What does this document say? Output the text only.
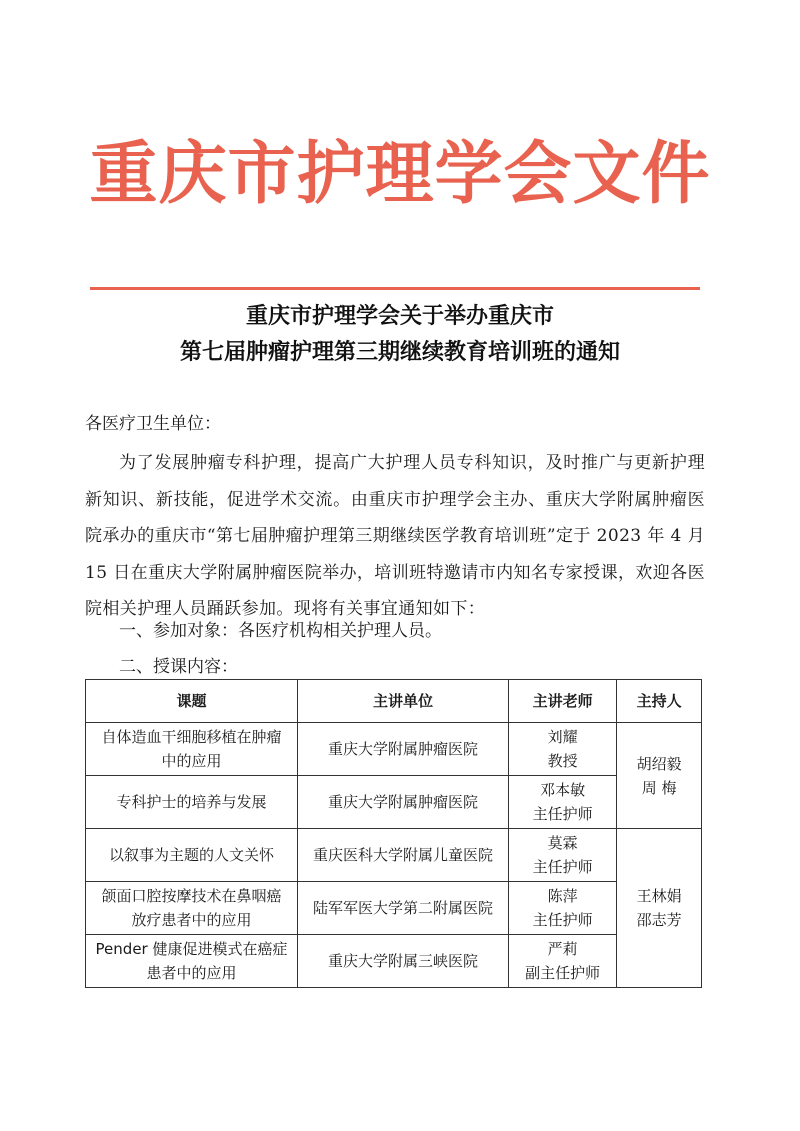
重庆市护理学会文件
重庆市护理学会关于举办重庆市
第七届肿瘤护理第三期继续教育培训班的通知
各医疗卫生单位：
为了发展肿瘤专科护理，提高广大护理人员专科知识，及时推广与更新护理新知识、新技能，促进学术交流。由重庆市护理学会主办、重庆大学附属肿瘤医院承办的重庆市“第七届肿瘤护理第三期继续医学教育培训班”定于 2023 年 4 月 15 日在重庆大学附属肿瘤医院举办，培训班特邀请市内知名专家授课，欢迎各医院相关护理人员踊跃参加。现将有关事宜通知如下：
一、参加对象：各医疗机构相关护理人员。
二、授课内容：
课题	主讲单位	主讲老师	主持人

自体造血干细胞移植在肿瘤
中的应用	重庆大学附属肿瘤医院	刘耀
教授	胡绍毅
周 梅

专科护士的培养与发展	重庆大学附属肿瘤医院	邓本敏
主任护师	

以叙事为主题的人文关怀	重庆医科大学附属儿童医院	莫霖
主任护师	王林娟
邵志芳

颌面口腔按摩技术在鼻咽癌
放疗患者中的应用	陆军军医大学第二附属医院	陈萍
主任护师	

Pender 健康促进模式在癌症
患者中的应用	重庆大学附属三峡医院	严莉
副主任护师	
